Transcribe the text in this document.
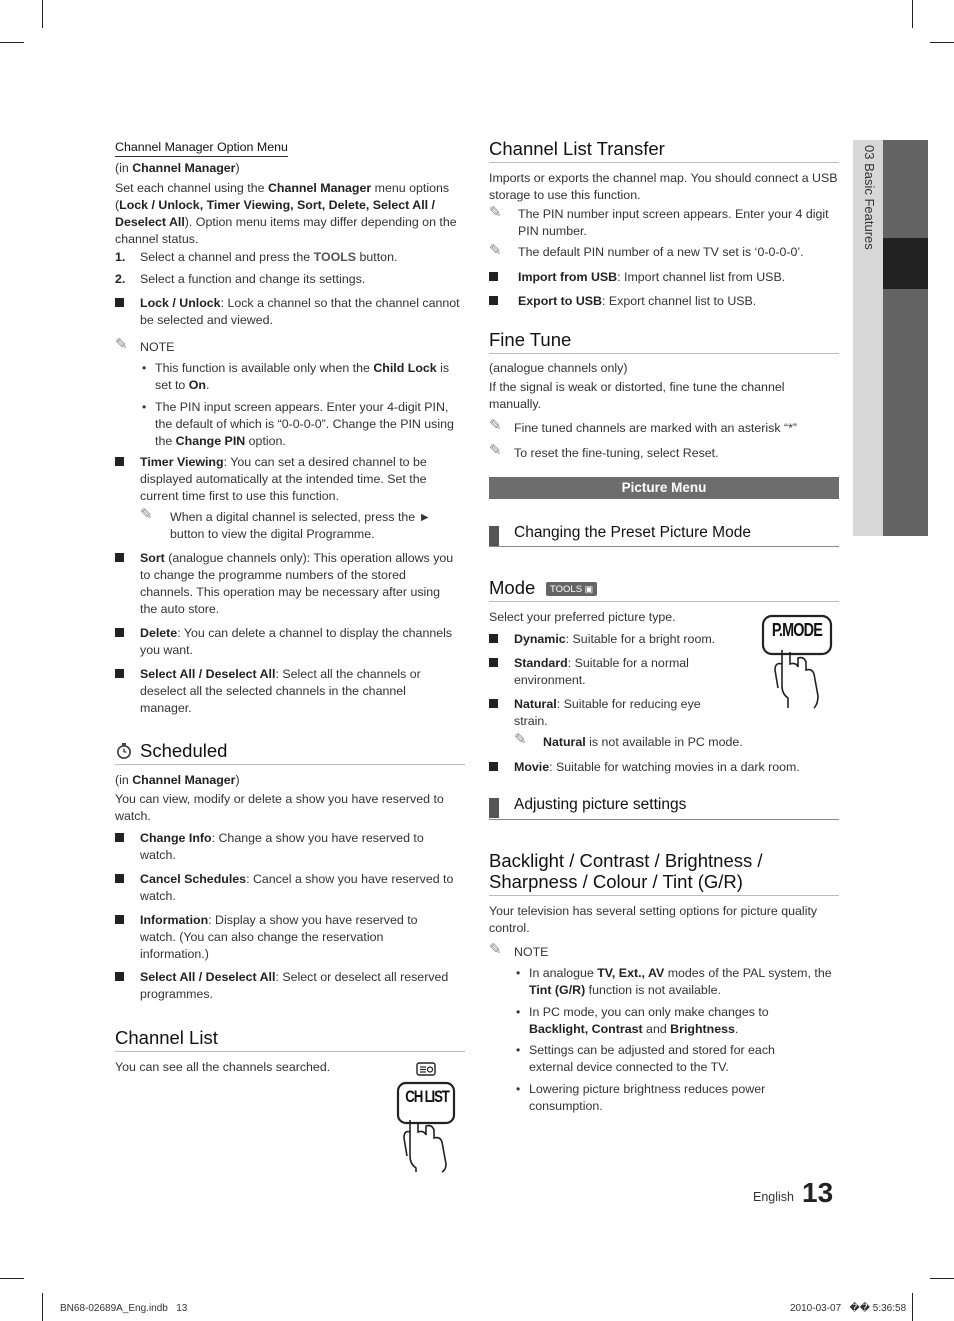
03 Basic Features
Channel Manager Option Menu
(in Channel Manager)
Set each channel using the Channel Manager menu options (Lock / Unlock, Timer Viewing, Sort, Delete, Select All / Deselect All). Option menu items may differ depending on the channel status.
1. Select a channel and press the TOOLS button.
2. Select a function and change its settings.
Lock / Unlock: Lock a channel so that the channel cannot be selected and viewed.
✎ NOTE
• This function is available only when the Child Lock is set to On.
• The PIN input screen appears. Enter your 4-digit PIN, the default of which is “0-0-0-0”. Change the PIN using the Change PIN option.
Timer Viewing: You can set a desired channel to be displayed automatically at the intended time. Set the current time first to use this function.
✎ When a digital channel is selected, press the ► button to view the digital Programme.
Sort (analogue channels only): This operation allows you to change the programme numbers of the stored channels. This operation may be necessary after using the auto store.
Delete: You can delete a channel to display the channels you want.
Select All / Deselect All: Select all the channels or deselect all the selected channels in the channel manager.
Scheduled
(in Channel Manager)
You can view, modify or delete a show you have reserved to watch.
Change Info: Change a show you have reserved to watch.
Cancel Schedules: Cancel a show you have reserved to watch.
Information: Display a show you have reserved to watch. (You can also change the reservation information.)
Select All / Deselect All: Select or deselect all reserved programmes.
Channel List
You can see all the channels searched.
CH LIST
Channel List Transfer
Imports or exports the channel map. You should connect a USB storage to use this function.
✎ The PIN number input screen appears. Enter your 4 digit PIN number.
✎ The default PIN number of a new TV set is ‘0-0-0-0’.
Import from USB: Import channel list from USB.
Export to USB: Export channel list to USB.
Fine Tune
(analogue channels only)
If the signal is weak or distorted, fine tune the channel manually.
✎ Fine tuned channels are marked with an asterisk “*”
✎ To reset the fine-tuning, select Reset.
Picture Menu
Changing the Preset Picture Mode
Mode	TOOLS ▣
Select your preferred picture type.
Dynamic: Suitable for a bright room.
Standard: Suitable for a normal environment.
Natural: Suitable for reducing eye strain.
✎ Natural is not available in PC mode.
Movie: Suitable for watching movies in a dark room.
P.MODE
Adjusting picture settings
Backlight / Contrast / Brightness /
Sharpness / Colour / Tint (G/R)
Your television has several setting options for picture quality control.
✎ NOTE
• In analogue TV, Ext., AV modes of the PAL system, the Tint (G/R) function is not available.
• In PC mode, you can only make changes to Backlight, Contrast and Brightness.
• Settings can be adjusted and stored for each external device connected to the TV.
• Lowering picture brightness reduces power consumption.
English 13
BN68-02689A_Eng.indb   13	2010-03-07   �� 5:36:58
